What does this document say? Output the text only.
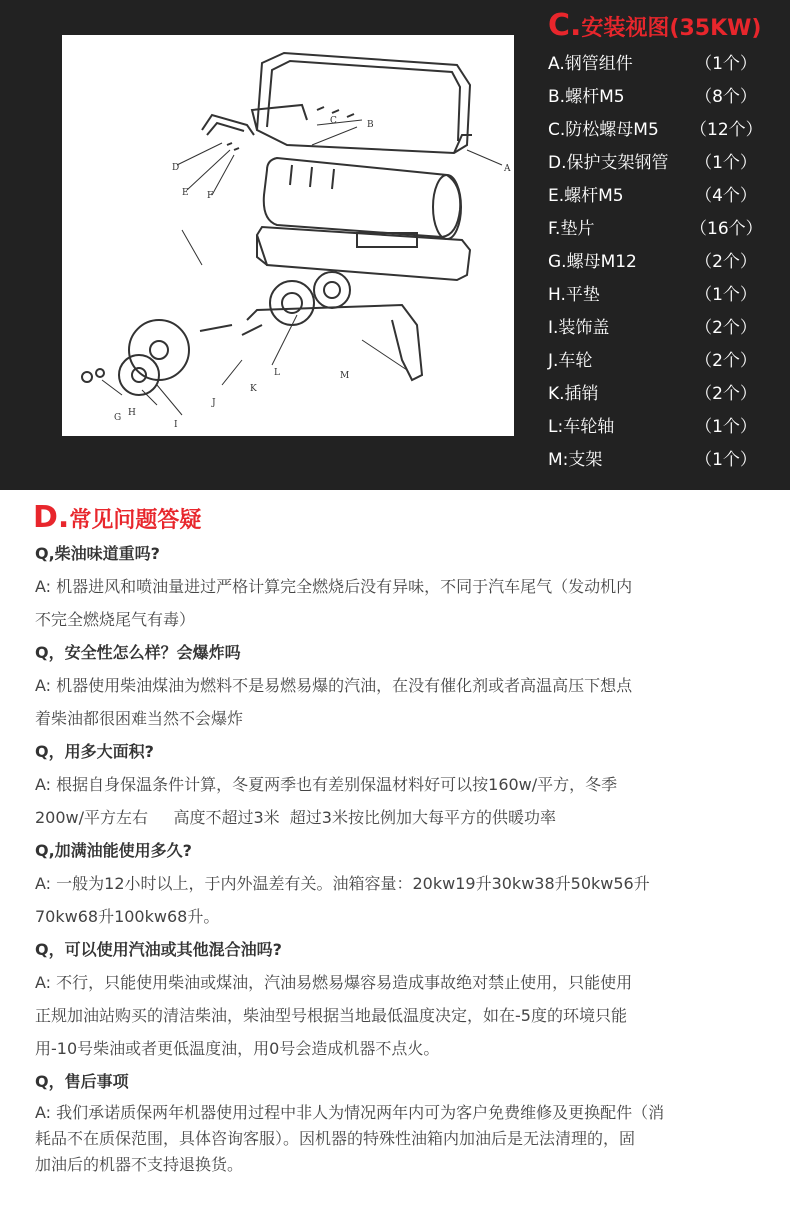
A
B
C
D
E F
G H
I
J
K
L	M
C.安装视图(35KW)
A.钢管组件	（1个）
B.螺杆M5	（8个）
C.防松螺母M5 （12个）
D.保护支架钢管 （1个）
E.螺杆M5	（4个）
F.垫片	（16个）
G.螺母M12	（2个）
H.平垫	（1个）
I.装饰盖	（2个）
J.车轮	（2个）
K.插销	（2个）
L:车轮轴	（1个）
M:支架	（1个）
D.常见问题答疑
Q,柴油味道重吗?
A: 机器进风和喷油量进过严格计算完全燃烧后没有异味，不同于汽车尾气（发动机内
不完全燃烧尾气有毒）
Q，安全性怎么样？会爆炸吗
A: 机器使用柴油煤油为燃料不是易燃易爆的汽油，在没有催化剂或者高温高压下想点
着柴油都很困难当然不会爆炸
Q，用多大面积?
A: 根据自身保温条件计算，冬夏两季也有差别保温材料好可以按160w/平方，冬季
200w/平方左右     高度不超过3米  超过3米按比例加大每平方的供暖功率
Q,加满油能使用多久?
A: 一般为12小时以上，于内外温差有关。油箱容量：20kw19升30kw38升50kw56升
70kw68升100kw68升。
Q，可以使用汽油或其他混合油吗?
A: 不行，只能使用柴油或煤油，汽油易燃易爆容易造成事故绝对禁止使用，只能使用
正规加油站购买的清洁柴油，柴油型号根据当地最低温度决定，如在-5度的环境只能
用-10号柴油或者更低温度油，用0号会造成机器不点火。
Q，售后事项
A: 我们承诺质保两年机器使用过程中非人为情况两年内可为客户免费维修及更换配件（消
耗品不在质保范围，具体咨询客服）。因机器的特殊性油箱内加油后是无法清理的，固
加油后的机器不支持退换货。
